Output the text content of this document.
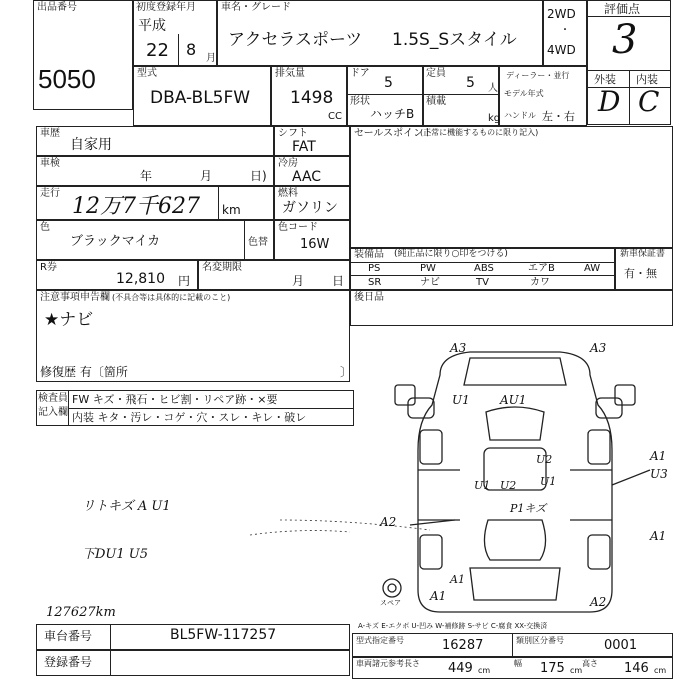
出品番号
5050
初度登録年月
平成
22 8 月
車名・グレード
アクセラスポーツ 1.5S_Sスタイル
2WD
・
4WD
評価点
3
外装 内装
D C
型式
DBA-BL5FW
排気量
1498
CC
ドア
5
形状
ハッチB
定員
5 人
積載
kg
ディーラー・並行
モデル年式
ハンドル 左・右
車歴
自家用
シフト
FAT
車検
年	月	日)
冷房
AAC
走行
12万7千627 km
燃料
ガソリン
色
ブラックマイカ	色替
色コード
16W
R券
12,810 円
名変期限
月 日
注意事項申告欄 (不具合等は具体的に記載のこと)
★ナビ
修復歴 有〔箇所	〕
検査員
記入欄
FW キズ・飛石・ヒビ割・リペア跡・×要
内装 キタ・汚レ・コゲ・穴・スレ・キレ・破レ
リトキズ A U1
下DU1 U5
127627km
セールスポイント
(正常に機能するものに限り記入)
装備品 (純正品に限り○印をつける)
PS	PW	ABS	エアB	AW
SR	ナビ	TV	カワ
新車保証書
有・無
後日品
A3	A3
AU1
U1
U2
U1
U2
U1
P1キズ
A2
A1
A1
A1	A2
A1
U3
スペア
A-キズ E-エクボ U-凹み W-補修跡 S-サビ C-腐食 XX-交換済
車台番号	BL5FW-117257
登録番号
型式指定番号	16287	類別区分番号	0001
車両諸元参考 長さ 449 cm
幅 175 cm
高さ 146 cm
